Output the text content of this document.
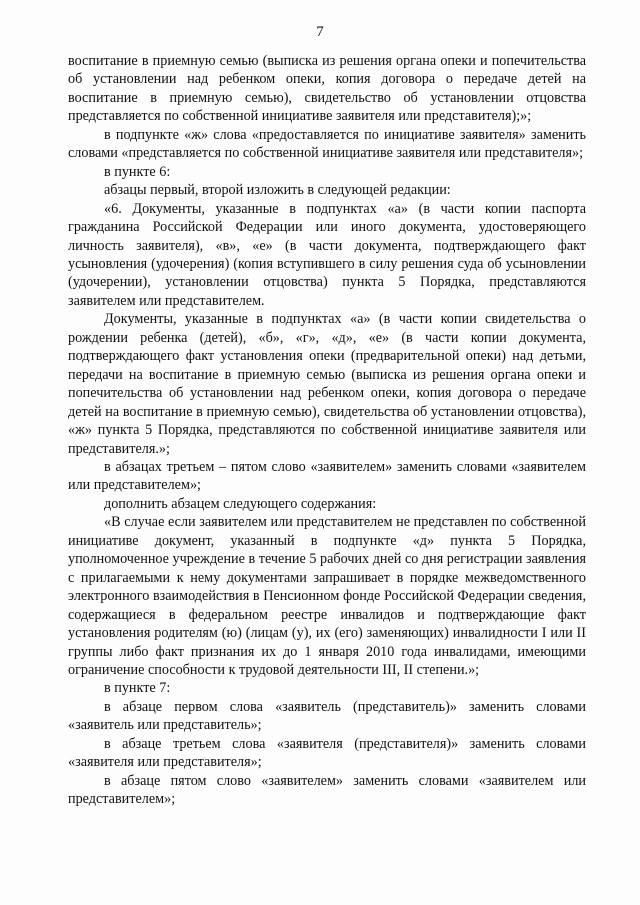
7

воспитание в приемную семью (выписка из решения органа опеки и попечительства об установлении над ребенком опеки, копия договора о передаче детей на воспитание в приемную семью), свидетельство об установлении отцовства представляется по собственной инициативе заявителя или представителя);»;

в подпункте «ж» слова «предоставляется по инициативе заявителя» заменить словами «представляется по собственной инициативе заявителя или представителя»;

в пункте 6:

абзацы первый, второй изложить в следующей редакции:

«6. Документы, указанные в подпунктах «а» (в части копии паспорта гражданина Российской Федерации или иного документа, удостоверяющего личность заявителя), «в», «е» (в части документа, подтверждающего факт усыновления (удочерения) (копия вступившего в силу решения суда об усыновлении (удочерении), установлении отцовства) пункта 5 Порядка, представляются заявителем или представителем.

Документы, указанные в подпунктах «а» (в части копии свидетельства о рождении ребенка (детей), «б», «г», «д», «е» (в части копии документа, подтверждающего факт установления опеки (предварительной опеки) над детьми, передачи на воспитание в приемную семью (выписка из решения органа опеки и попечительства об установлении над ребенком опеки, копия договора о передаче детей на воспитание в приемную семью), свидетельства об установлении отцовства), «ж» пункта 5 Порядка, представляются по собственной инициативе заявителя или представителя.»;

в абзацах третьем – пятом слово «заявителем» заменить словами «заявителем или представителем»;

дополнить абзацем следующего содержания:

«В случае если заявителем или представителем не представлен по собственной инициативе документ, указанный в подпункте «д» пункта 5 Порядка, уполномоченное учреждение в течение 5 рабочих дней со дня регистрации заявления с прилагаемыми к нему документами запрашивает в порядке межведомственного электронного взаимодействия в Пенсионном фонде Российской Федерации сведения, содержащиеся в федеральном реестре инвалидов и подтверждающие факт установления родителям (ю) (лицам (у), их (его) заменяющих) инвалидности I или II группы либо факт признания их до 1 января 2010 года инвалидами, имеющими ограничение способности к трудовой деятельности III, II степени.»;

в пункте 7:

в абзаце первом слова «заявитель (представитель)» заменить словами «заявитель или представитель»;

в абзаце третьем слова «заявителя (представителя)» заменить словами «заявителя или представителя»;

в абзаце пятом слово «заявителем» заменить словами «заявителем или представителем»;
